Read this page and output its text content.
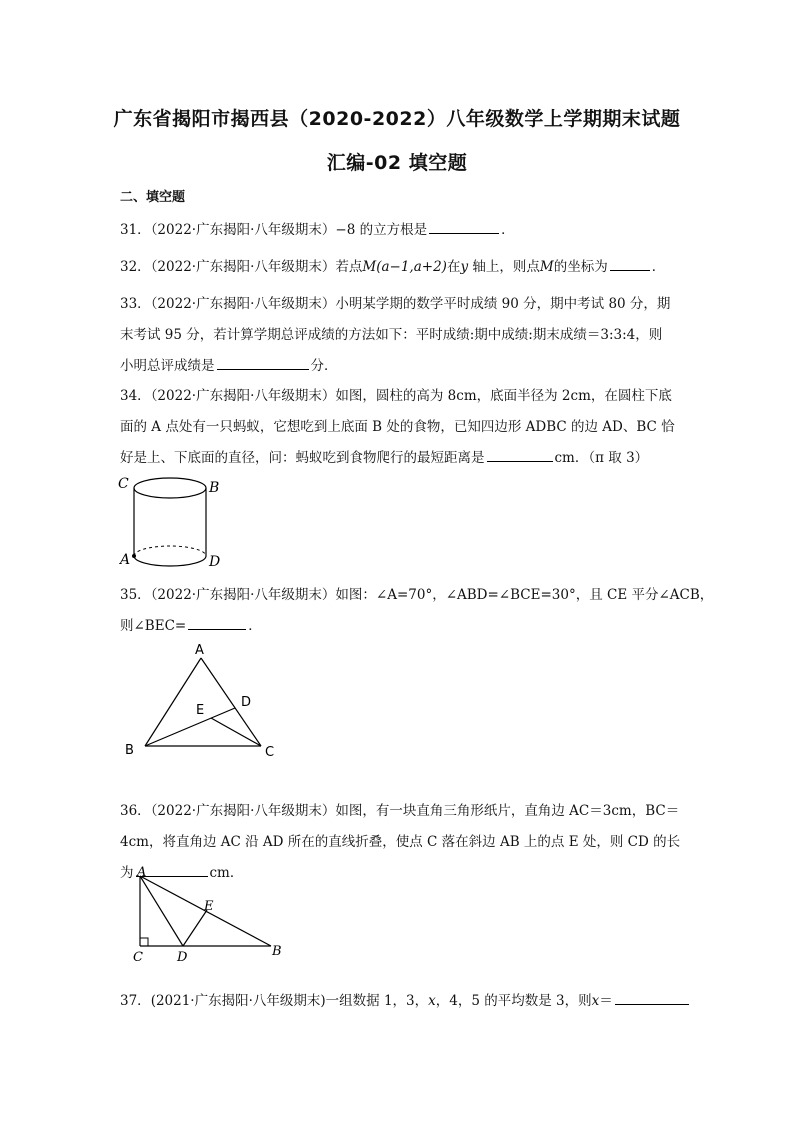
广东省揭阳市揭西县（2020-2022）八年级数学上学期期末试题
汇编-02 填空题
二、填空题
31．（2022·广东揭阳·八年级期末）−8 的立方根是	．
32．（2022·广东揭阳·八年级期末）若点M(a−1,a+2)在y 轴上，则点M的坐标为	．
33．（2022·广东揭阳·八年级期末）小明某学期的数学平时成绩 90 分，期中考试 80 分，期
末考试 95 分，若计算学期总评成绩的方法如下：平时成绩:期中成绩:期末成绩＝3:3:4，则
小明总评成绩是	分．
34．（2022·广东揭阳·八年级期末）如图，圆柱的高为 8cm，底面半径为 2cm，在圆柱下底
面的 A 点处有一只蚂蚁，它想吃到上底面 B 处的食物，已知四边形 ADBC 的边 AD、BC 恰
好是上、下底面的直径，问：蚂蚁吃到食物爬行的最短距离是	cm．（π 取 3）
C	B
A	D
35．（2022·广东揭阳·八年级期末）如图：∠A=70°，∠ABD=∠BCE=30°，且 CE 平分∠ACB，
则∠BEC=	．
A
B	C
D
E
36．（2022·广东揭阳·八年级期末）如图，有一块直角三角形纸片，直角边 AC＝3cm，BC＝
4cm，将直角边 AC 沿 AD 所在的直线折叠，使点 C 落在斜边 AB 上的点 E 处，则 CD 的长
为	cm．
A
C	D
E
B
37．(2021·广东揭阳·八年级期末)一组数据 1，3，x，4，5 的平均数是 3，则x＝
